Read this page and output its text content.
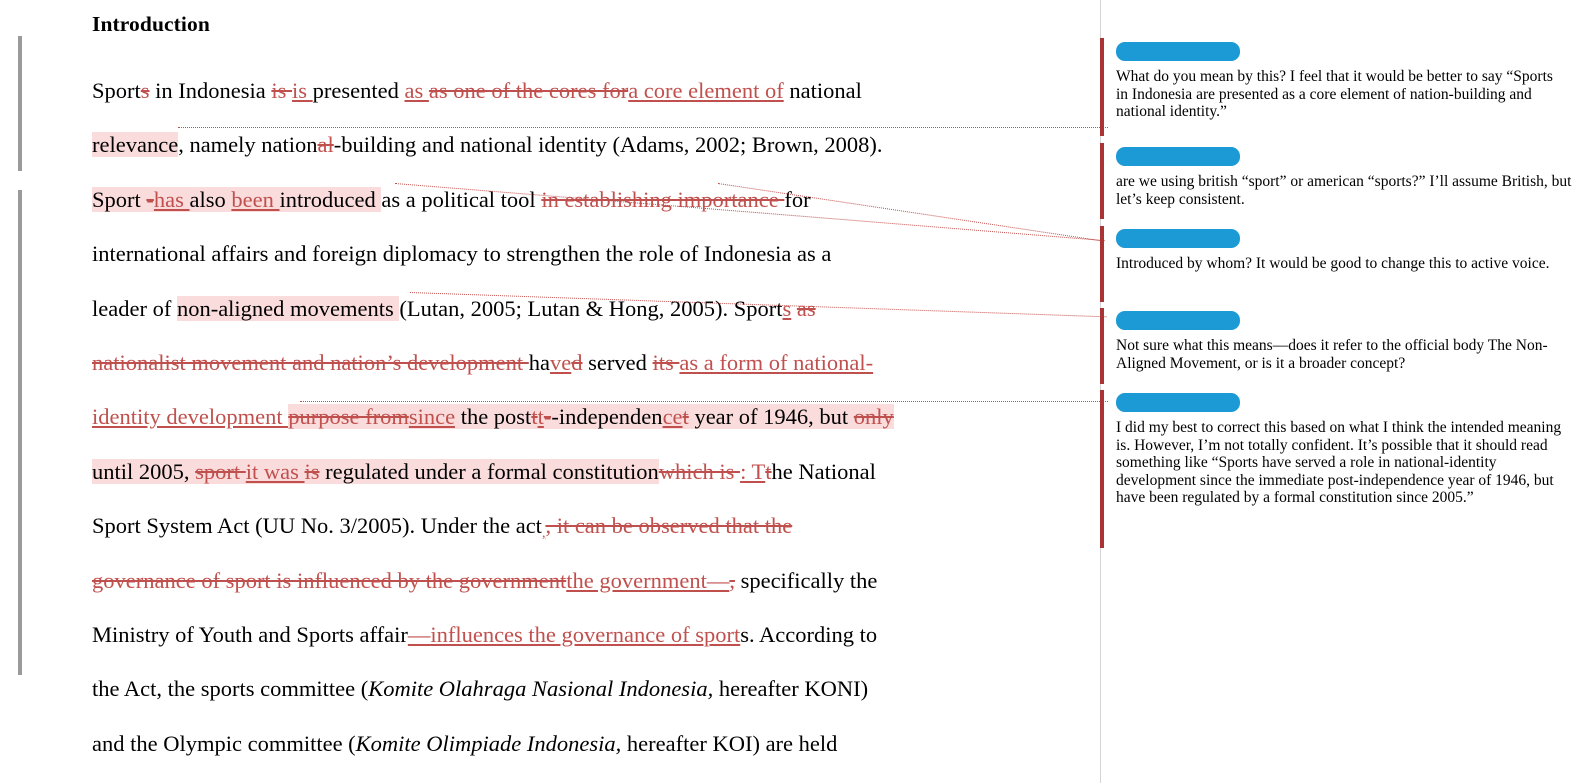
Introduction
Sports in Indonesia is is presented as as one of the cores fora core element of national
relevance, namely national-building and national identity (Adams, 2002; Brown, 2008).
Sport -has also been introduced as a political tool in establishing importance for
international affairs and foreign diplomacy to strengthen the role of Indonesia as a
leader of non-aligned movements (Lutan, 2005; Lutan & Hong, 2005). Sports as
nationalist movement and nation’s development haved served its as a form of national-
identity development purpose fromsince the posttt--independencet year of 1946, but only
until 2005, sport it was is regulated under a formal constitutionwhich is : Tthe National
Sport System Act (UU No. 3/2005). Under the act,, it can be observed that the
governance of sport is influenced by the governmentthe government—, specifically the
Ministry of Youth and Sports affair—influences the governance of sports. According to
the Act, the sports committee (Komite Olahraga Nasional Indonesia, hereafter KONI)
and the Olympic committee (Komite Olimpiade Indonesia, hereafter KOI) are held
What do you mean by this? I feel that it would be better to say “Sports in Indonesia are presented as a core element of nation-building and national identity.”
are we using british “sport” or american “sports?” I’ll assume British, but let’s keep consistent.
Introduced by whom? It would be good to change this to active voice.
Not sure what this means—does it refer to the official body The Non-Aligned Movement, or is it a broader concept?
I did my best to correct this based on what I think the intended meaning is. However, I’m not totally confident. It’s possible that it should read something like “Sports have served a role in national-identity development since the immediate post-independence year of 1946, but have been regulated by a formal constitution since 2005.”
